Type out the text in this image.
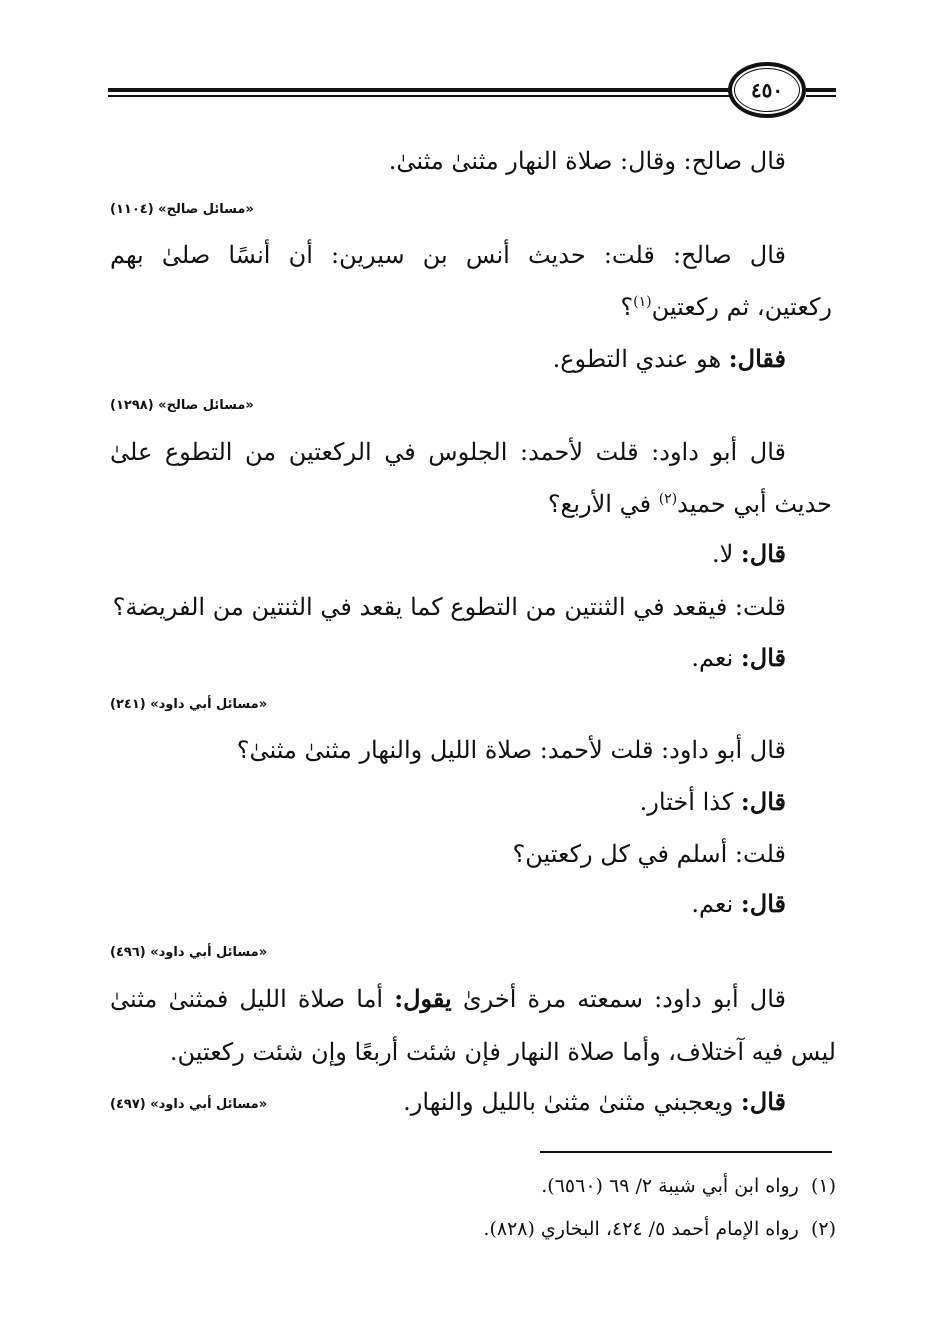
٤٥٠
قال صالح: وقال: صلاة النهار مثنىٰ مثنىٰ.
«مسائل صالح» (١١٠٤)
قال صالح: قلت: حديث أنس بن سيرين: أن أنسًا صلىٰ بهم
ركعتين، ثم ركعتين$^{(١)}$؟
فقال: هو عندي التطوع.
«مسائل صالح» (١٢٩٨)
قال أبو داود: قلت لأحمد: الجلوس في الركعتين من التطوع علىٰ
حديث أبي حميد$^{(٢)}$ في الأربع؟
قال: لا.
قلت: فيقعد في الثنتين من التطوع كما يقعد في الثنتين من الفريضة؟
قال: نعم.
«مسائل أبي داود» (٢٤١)
قال أبو داود: قلت لأحمد: صلاة الليل والنهار مثنىٰ مثنىٰ؟
قال: كذا أختار.
قلت: أسلم في كل ركعتين؟
قال: نعم.
«مسائل أبي داود» (٤٩٦)
قال أبو داود: سمعته مرة أخرىٰ يقول: أما صلاة الليل فمثنىٰ مثنىٰ
ليس فيه آختلاف، وأما صلاة النهار فإن شئت أربعًا وإن شئت ركعتين.
قال: ويعجبني مثنىٰ مثنىٰ بالليل والنهار.
«مسائل أبي داود» (٤٩٧)
(١)  رواه ابن أبي شيبة ٢/ ٦٩ (٦٥٦٠).
(٢)  رواه الإمام أحمد ٥/ ٤٢٤، البخاري (٨٢٨).
